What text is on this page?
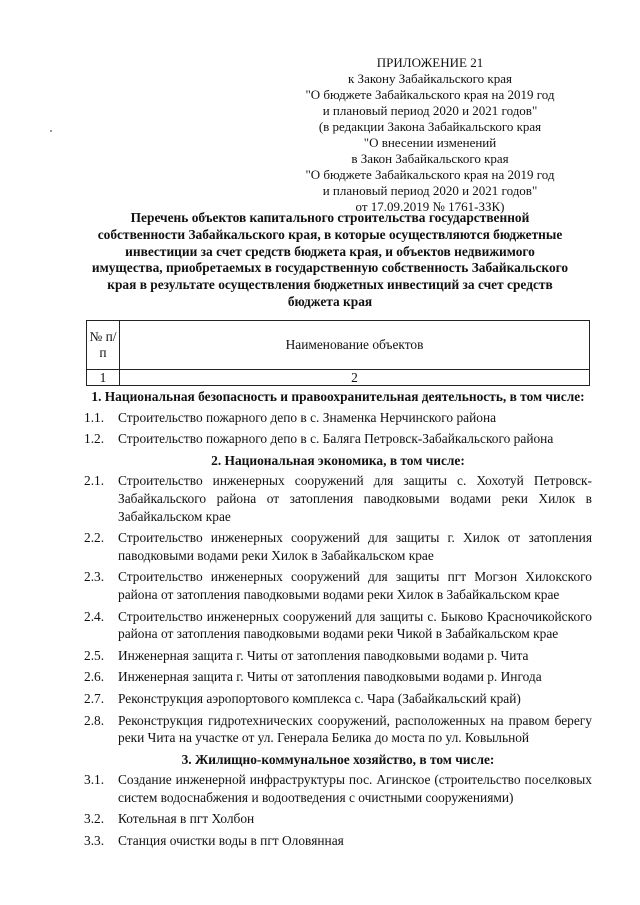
ПРИЛОЖЕНИЕ 21
к Закону Забайкальского края
"О бюджете Забайкальского края на 2019 год
и плановый период 2020 и 2021 годов"
(в редакции Закона Забайкальского края
"О внесении изменений
в Закон Забайкальского края
"О бюджете Забайкальского края на 2019 год
и плановый период 2020 и 2021 годов"
от 17.09.2019 № 1761-ЗЗК)
Перечень объектов капитального строительства государственной собственности Забайкальского края, в которые осуществляются бюджетные инвестиции за счет средств бюджета края, и объектов недвижимого имущества, приобретаемых в государственную собственность Забайкальского края в результате осуществления бюджетных инвестиций за счет средств бюджета края
№ п/п	Наименование объектов
1	2
1. Национальная безопасность и правоохранительная деятельность, в том числе:
1.1. Строительство пожарного депо в с. Знаменка Нерчинского района
1.2. Строительство пожарного депо в с. Баляга Петровск-Забайкальского района
2. Национальная экономика, в том числе:
2.1. Строительство инженерных сооружений для защиты с. Хохотуй Петровск-Забайкальского района от затопления паводковыми водами реки Хилок в Забайкальском крае
2.2. Строительство инженерных сооружений для защиты г. Хилок от затопления паводковыми водами реки Хилок в Забайкальском крае
2.3. Строительство инженерных сооружений для защиты пгт Могзон Хилокского района от затопления паводковыми водами реки Хилок в Забайкальском крае
2.4. Строительство инженерных сооружений для защиты с. Быково Красночикойского района от затопления паводковыми водами реки Чикой в Забайкальском крае
2.5. Инженерная защита г. Читы от затопления паводковыми водами р. Чита
2.6. Инженерная защита г. Читы от затопления паводковыми водами р. Ингода
2.7. Реконструкция аэропортового комплекса с. Чара (Забайкальский край)
2.8. Реконструкция гидротехнических сооружений, расположенных на правом берегу реки Чита на участке от ул. Генерала Белика до моста по ул. Ковыльной
3. Жилищно-коммунальное хозяйство, в том числе:
3.1. Создание инженерной инфраструктуры пос. Агинское (строительство поселковых систем водоснабжения и водоотведения с очистными сооружениями)
3.2. Котельная в пгт Холбон
3.3. Станция очистки воды в пгт Оловянная
